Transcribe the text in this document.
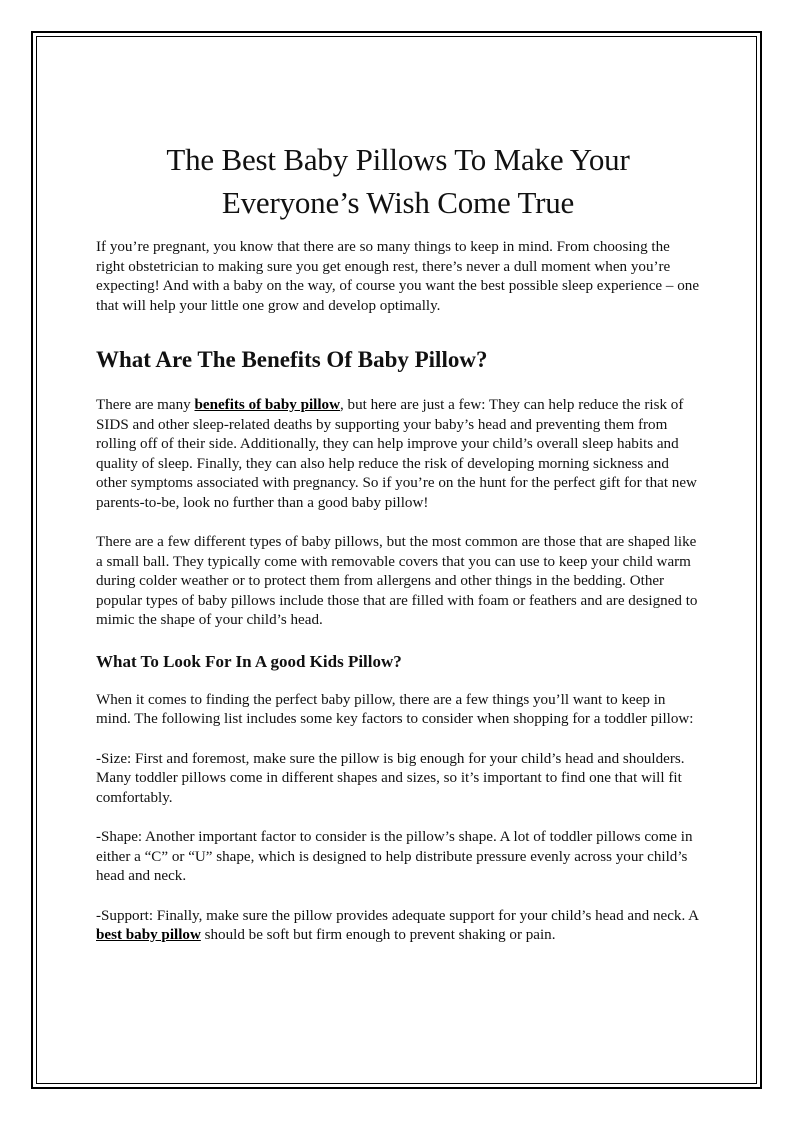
The Best Baby Pillows To Make Your
Everyone’s Wish Come True

If you’re pregnant, you know that there are so many things to keep in mind. From choosing the right obstetrician to making sure you get enough rest, there’s never a dull moment when you’re expecting! And with a baby on the way, of course you want the best possible sleep experience – one that will help your little one grow and develop optimally.

What Are The Benefits Of Baby Pillow?

There are many benefits of baby pillow, but here are just a few: They can help reduce the risk of SIDS and other sleep-related deaths by supporting your baby’s head and preventing them from rolling off of their side. Additionally, they can help improve your child’s overall sleep habits and quality of sleep. Finally, they can also help reduce the risk of developing morning sickness and other symptoms associated with pregnancy. So if you’re on the hunt for the perfect gift for that new parents-to-be, look no further than a good baby pillow!

There are a few different types of baby pillows, but the most common are those that are shaped like a small ball. They typically come with removable covers that you can use to keep your child warm during colder weather or to protect them from allergens and other things in the bedding. Other popular types of baby pillows include those that are filled with foam or feathers and are designed to mimic the shape of your child’s head.

What To Look For In A good Kids Pillow?

When it comes to finding the perfect baby pillow, there are a few things you’ll want to keep in mind. The following list includes some key factors to consider when shopping for a toddler pillow:

-Size: First and foremost, make sure the pillow is big enough for your child’s head and shoulders. Many toddler pillows come in different shapes and sizes, so it’s important to find one that will fit comfortably.

-Shape: Another important factor to consider is the pillow’s shape. A lot of toddler pillows come in either a “C” or “U” shape, which is designed to help distribute pressure evenly across your child’s head and neck.

-Support: Finally, make sure the pillow provides adequate support for your child’s head and neck. A best baby pillow should be soft but firm enough to prevent shaking or pain.
